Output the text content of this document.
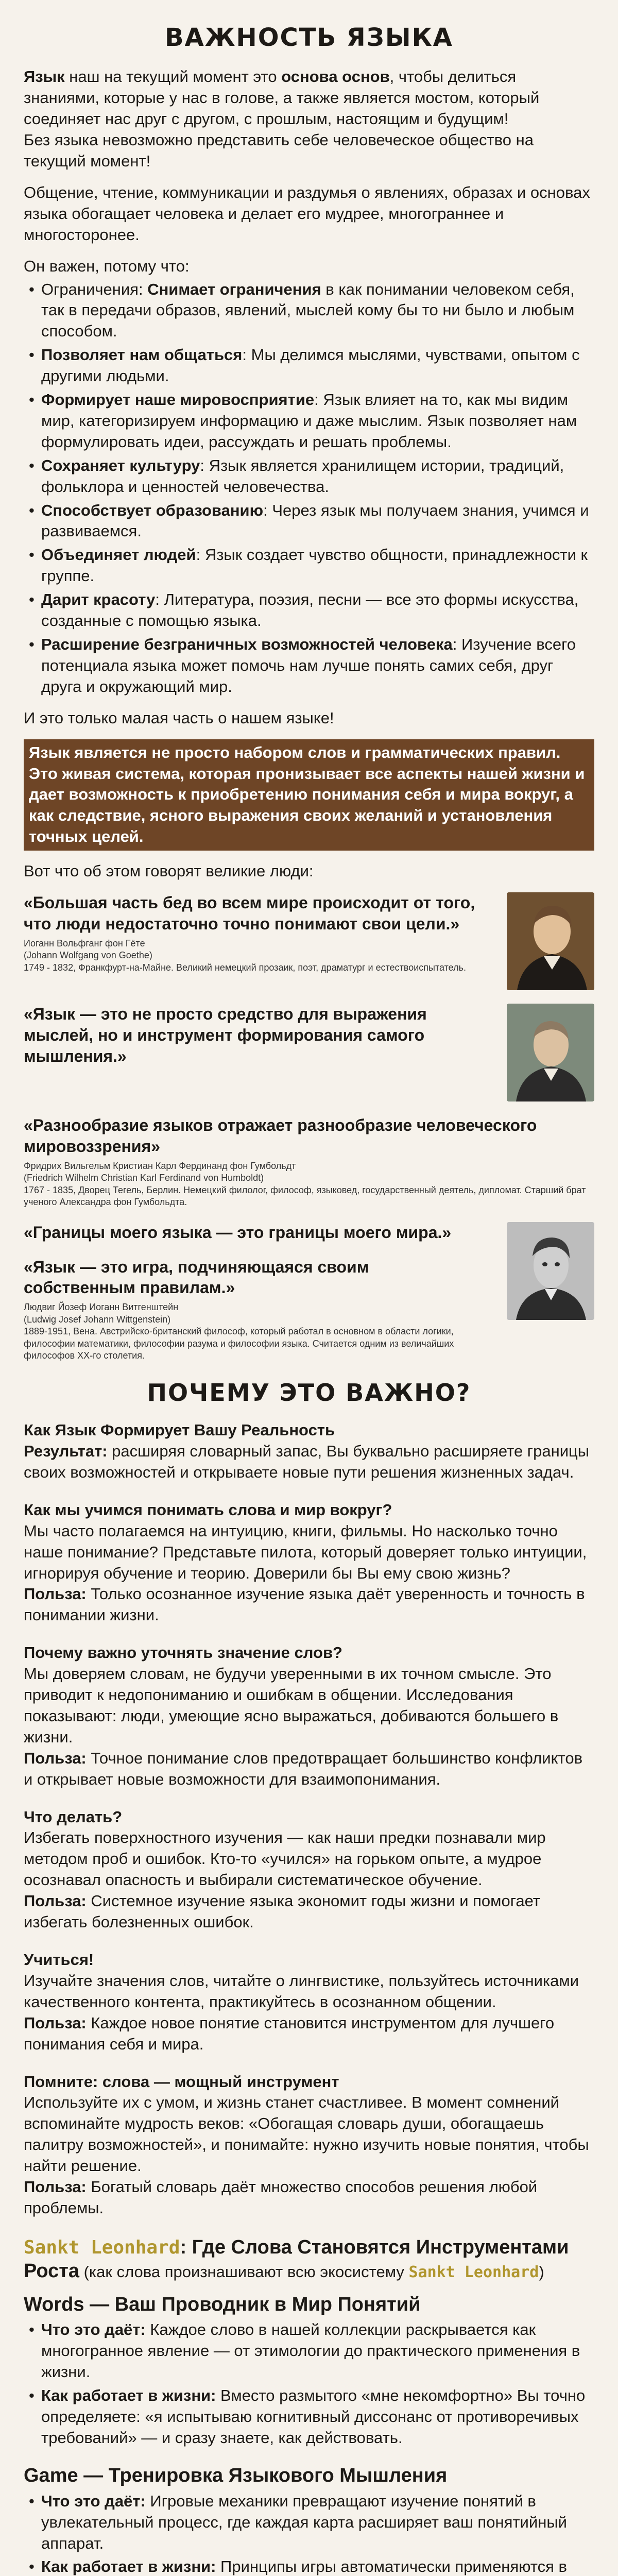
ВАЖНОСТЬ ЯЗЫКА

Язык наш на текущий момент это основа основ, чтобы делиться знаниями, которые у нас в голове, а также является мостом, который соединяет нас друг с другом, с прошлым, настоящим и будущим!
Без языка невозможно представить себе человеческое общество на текущий момент!

Общение, чтение, коммуникации и раздумья о явлениях, образах и основах языка обогащает человека и делает его мудрее, многограннее и многосторонее.

Он важен, потому что:

• Ограничения: Снимает ограничения в как понимании человеком себя, так в передачи образов, явлений, мыслей кому бы то ни было и любым способом.
• Позволяет нам общаться: Мы делимся мыслями, чувствами, опытом с другими людьми.
• Формирует наше мировосприятие: Язык влияет на то, как мы видим мир, категоризируем информацию и даже мыслим. Язык позволяет нам формулировать идеи, рассуждать и решать проблемы.
• Сохраняет культуру: Язык является хранилищем истории, традиций, фольклора и ценностей человечества.
• Способствует образованию: Через язык мы получаем знания, учимся и развиваемся.
• Объединяет людей: Язык создает чувство общности, принадлежности к группе.
• Дарит красоту: Литература, поэзия, песни — все это формы искусства, созданные с помощью языка.
• Расширение безграничных возможностей человека: Изучение всего потенциала языка может помочь нам лучше понять самих себя, друг друга и окружающий мир.

И это только малая часть о нашем языке!

Язык является не просто набором слов и грамматических правил. Это живая система, которая пронизывает все аспекты нашей жизни и дает возможность к приобретению понимания себя и мира вокруг, а как следствие, ясного выражения своих желаний и установления точных целей.

Вот что об этом говорят великие люди:

«Большая часть бед во всем мире происходит от того, что люди недостаточно точно понимают свои цели.»
Иоганн Вольфганг фон Гёте
(Johann Wolfgang von Goethe)
1749 - 1832, Франкфурт-на-Майне. Великий немецкий прозаик, поэт, драматург и естествоиспытатель.
«Язык — это не просто средство для выражения мыслей, но и инструмент формирования самого мышления.»
«Разнообразие языков отражает разнообразие человеческого мировоззрения»
Фридрих Вильгельм Кристиан Карл Фердинанд фон Гумбольдт
(Friedrich Wilhelm Christian Karl Ferdinand von Humboldt)
1767 - 1835, Дворец Тегель, Берлин. Немецкий филолог, философ, языковед, государственный деятель, дипломат. Старший брат ученого Александра фон Гумбольдта.
«Границы моего языка — это границы моего мира.»
«Язык — это игра, подчиняющаяся своим собственным правилам.»
Людвиг Йозеф Иоганн Витгенштейн
(Ludwig Josef Johann Wittgenstein)
1889-1951, Вена. Австрийско-британский философ, который работал в основном в области логики, философии математики, философии разума и философии языка. Считается одним из величайших философов XX-го столетия.
ПОЧЕМУ ЭТО ВАЖНО?
Как Язык Формирует Вашу Реальность
Результат: расширяя словарный запас, Вы буквально расширяете границы своих возможностей и открываете новые пути решения жизненных задач.
Как мы учимся понимать слова и мир вокруг?
Мы часто полагаемся на интуицию, книги, фильмы. Но насколько точно наше понимание? Представьте пилота, который доверяет только интуиции, игнорируя обучение и теорию. Доверили бы Вы ему свою жизнь?
Польза: Только осознанное изучение языка даёт уверенность и точность в понимании жизни.
Почему важно уточнять значение слов?
Мы доверяем словам, не будучи уверенными в их точном смысле. Это приводит к недопониманию и ошибкам в общении. Исследования показывают: люди, умеющие ясно выражаться, добиваются большего в жизни.
Польза: Точное понимание слов предотвращает большинство конфликтов и открывает новые возможности для взаимопонимания.
Что делать?
Избегать поверхностного изучения — как наши предки познавали мир методом проб и ошибок. Кто-то «учился» на горьком опыте, а мудрое осознавал опасность и выбирали систематическое обучение.
Польза: Системное изучение языка экономит годы жизни и помогает избегать болезненных ошибок.
Учиться!
Изучайте значения слов, читайте о лингвистике, пользуйтесь источниками качественного контента, практикуйтесь в осознанном общении.
Польза: Каждое новое понятие становится инструментом для лучшего понимания себя и мира.
Помните: слова — мощный инструмент
Используйте их с умом, и жизнь станет счастливее. В момент сомнений вспоминайте мудрость веков: «Обогащая словарь души, обогащаешь палитру возможностей», и понимайте: нужно изучить новые понятия, чтобы найти решение.
Польза: Богатый словарь даёт множество способов решения любой проблемы.
Sankt Leonhard: Где Слова Становятся Инструментами Роста (как слова произнашивают всю экосистему Sankt Leonhard)
Words — Ваш Проводник в Мир Понятий
• Что это даёт: Каждое слово в нашей коллекции раскрывается как многогранное явление — от этимологии до практического применения в жизни.
• Как работает в жизни: Вместо размытого «мне некомфортно» Вы точно определяете: «я испытываю когнитивный диссонанс от противоречивых требований» — и сразу знаете, как действовать.
Game — Тренировка Языкового Мышления
• Что это даёт: Игровые механики превращают изучение понятий в увлекательный процесс, где каждая карта расширяет ваш понятийный аппарат.
• Как работает в жизни: Принципы игры автоматически применяются в
